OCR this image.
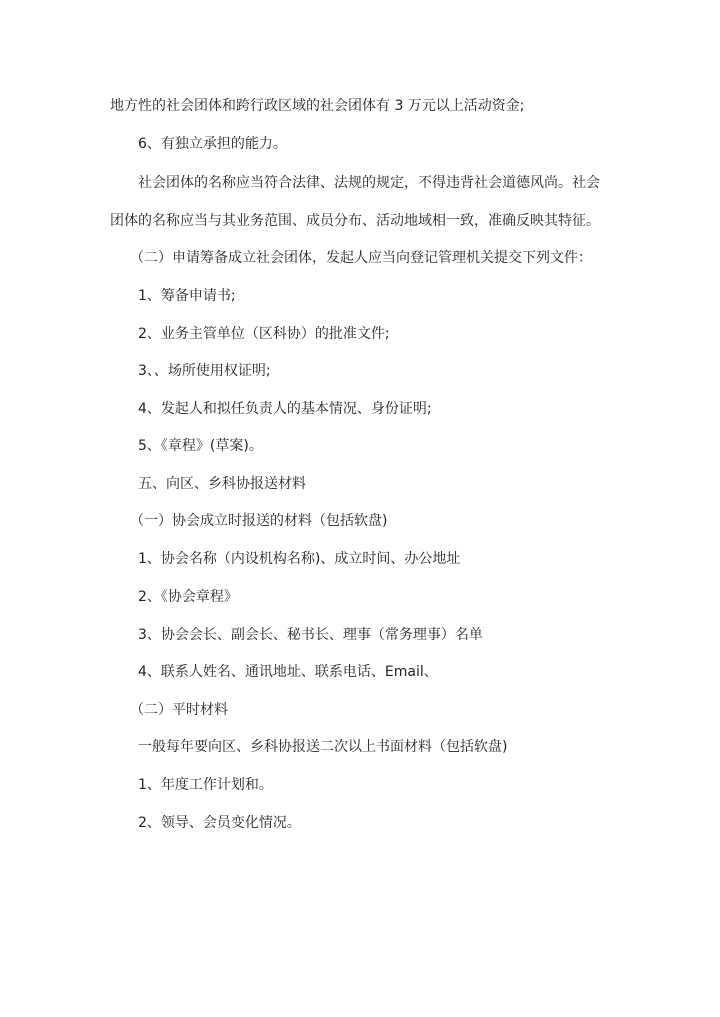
地方性的社会团体和跨行政区域的社会团体有 3 万元以上活动资金;
6、有独立承担的能力。
社会团体的名称应当符合法律、法规的规定，不得违背社会道德风尚。社会
团体的名称应当与其业务范围、成员分布、活动地域相一致，准确反映其特征。
（二）申请筹备成立社会团体，发起人应当向登记管理机关提交下列文件：
1、筹备申请书;
2、业务主管单位（区科协）的批准文件;
3、、场所使用权证明;
4、发起人和拟任负责人的基本情况、身份证明;
5、《章程》(草案)。
五、向区、乡科协报送材料
（一）协会成立时报送的材料（包括软盘)
1、协会名称（内设机构名称)、成立时间、办公地址
2、《协会章程》
3、协会会长、副会长、秘书长、理事（常务理事）名单
4、联系人姓名、通讯地址、联系电话、Email、
（二）平时材料
一般每年要向区、乡科协报送二次以上书面材料（包括软盘)
1、年度工作计划和。
2、领导、会员变化情况。
